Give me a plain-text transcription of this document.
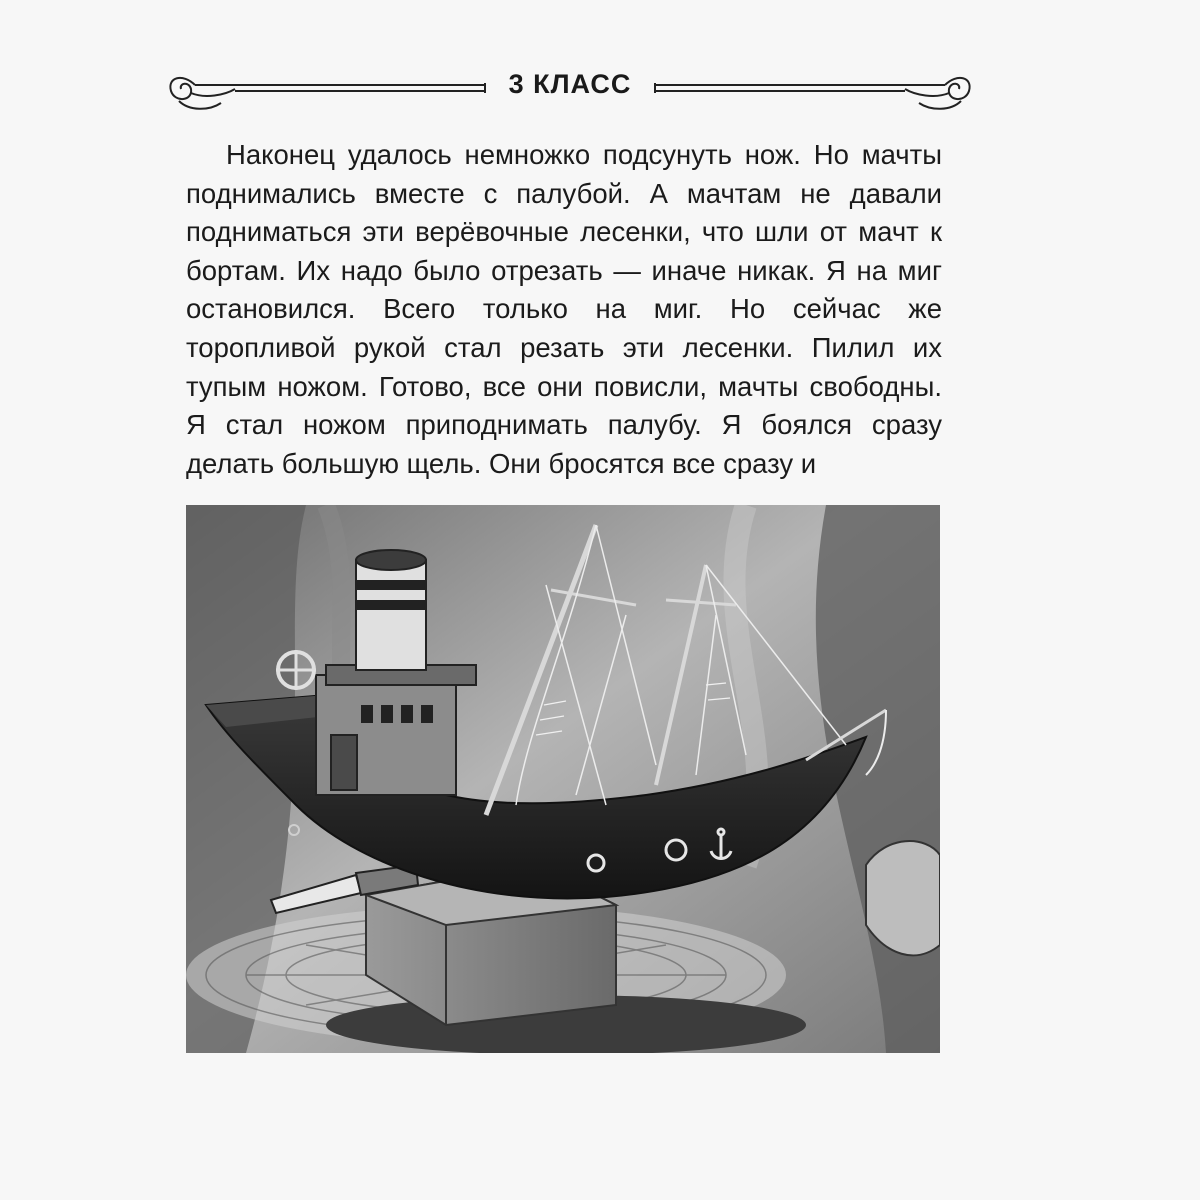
3 КЛАСС

Наконец удалось немножко подсунуть нож. Но мачты поднимались вместе с палубой. А мачтам не давали подниматься эти верёвочные лесенки, что шли от мачт к бортам. Их надо было отрезать — иначе никак. Я на миг остановился. Всего только на миг. Но сейчас же торопливой рукой стал резать эти лесенки. Пилил их тупым ножом. Готово, все они повисли, мачты свободны. Я стал ножом приподнимать палубу. Я боялся сразу делать большую щель. Они бросятся все сразу и
